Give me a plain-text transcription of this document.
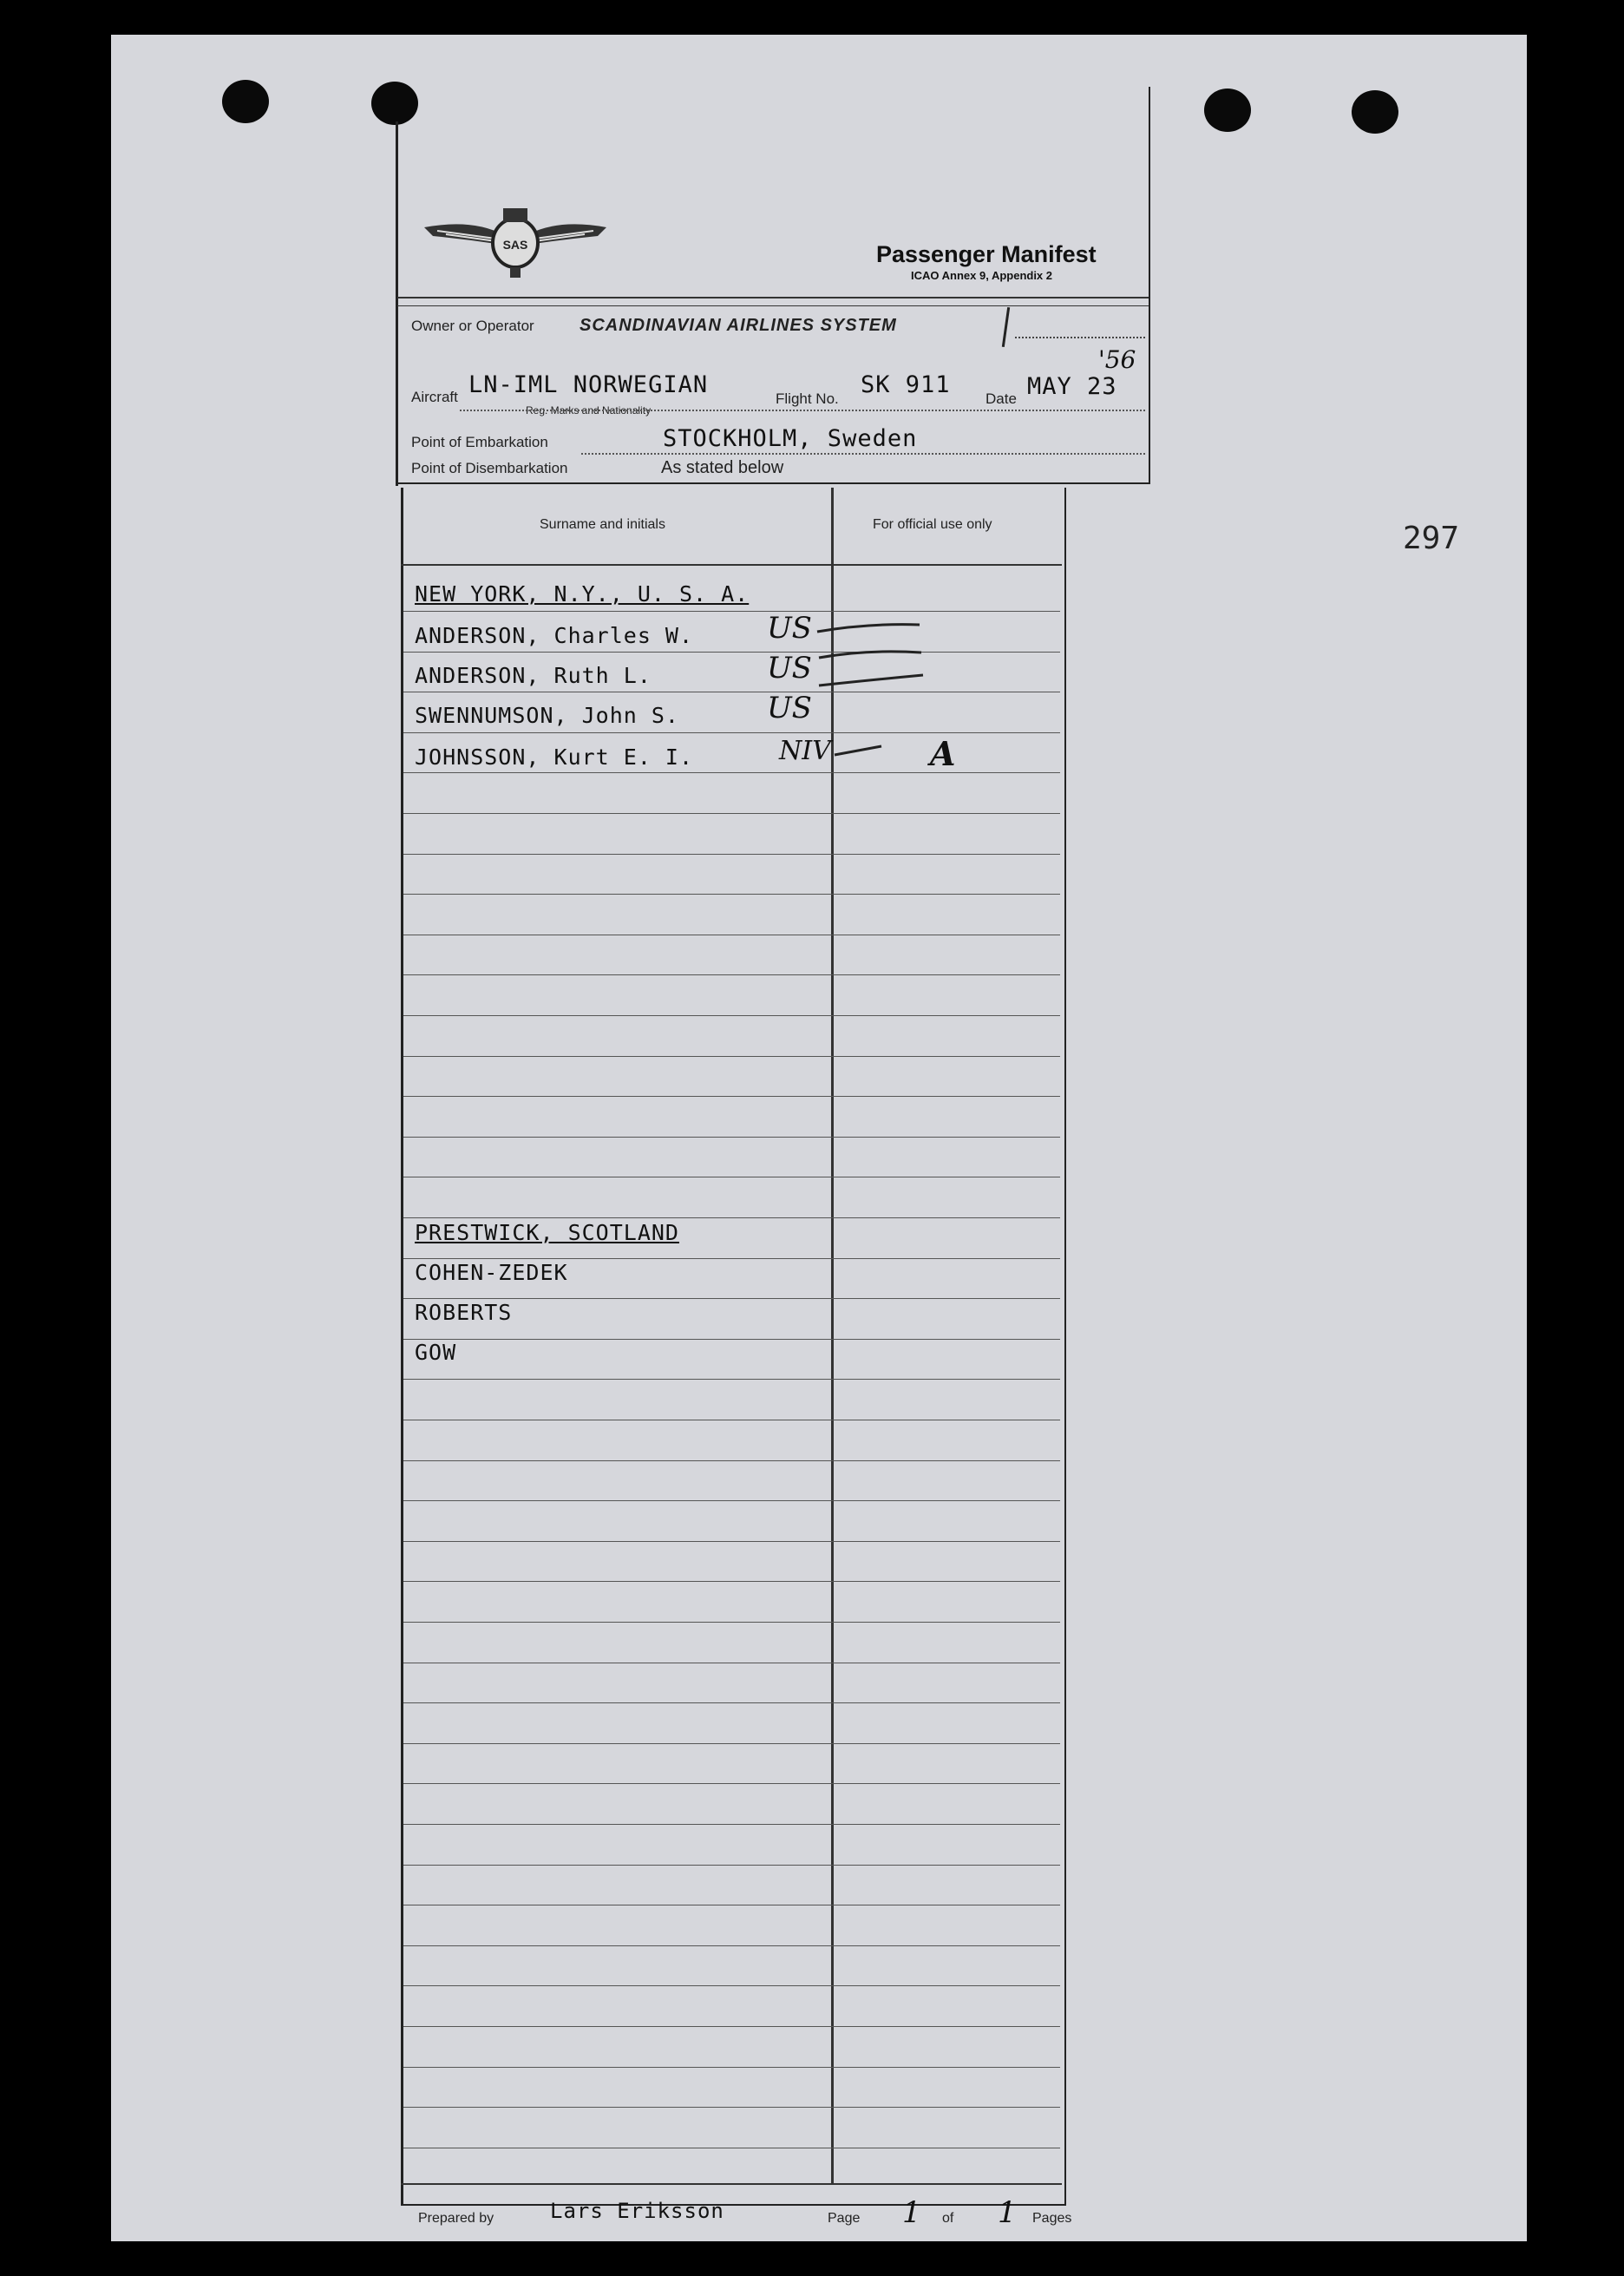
SAS	Passenger Manifest
ICAO Annex 9, Appendix 2
Owner or Operator	SCANDINAVIAN AIRLINES SYSTEM
Aircraft LN-IML NORWEGIAN
Reg. Marks and Nationality
Flight No.
SK 911
Date MAY 23
'56
Point of Embarkation	STOCKHOLM, Sweden
Point of Disembarkation	As stated below
Surname and initials	For official use only
NEW YORK, N.Y., U. S. A.
ANDERSON, Charles W. US
ANDERSON, Ruth L.	US
SWENNUMSON, John S.	US
JOHNSSON, Kurt E. I.	NIV	A
PRESTWICK, SCOTLAND
COHEN-ZEDEK
ROBERTS
GOW
297
Prepared by	Lars Eriksson	Page 1 of 1 Pages
